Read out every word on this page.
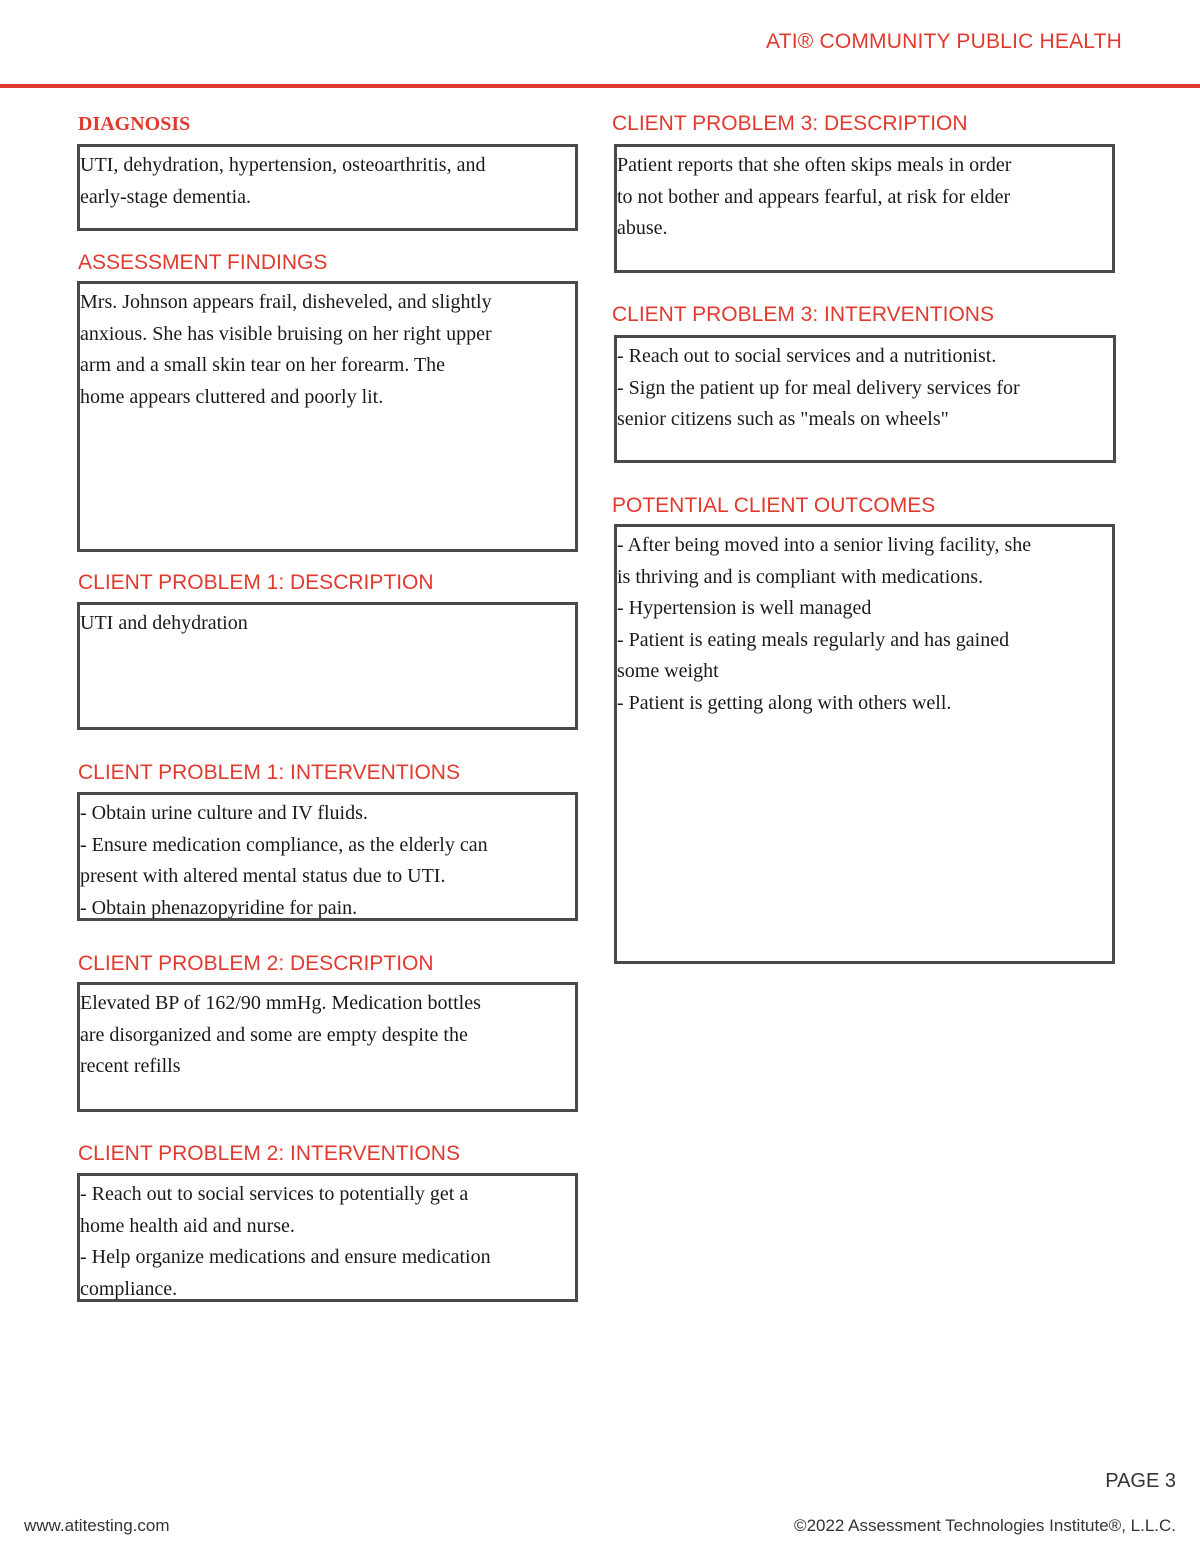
ATI® COMMUNITY PUBLIC HEALTH
DIAGNOSIS
UTI, dehydration, hypertension, osteoarthritis, and
early-stage dementia.
ASSESSMENT FINDINGS
Mrs. Johnson appears frail, disheveled, and slightly
anxious. She has visible bruising on her right upper
arm and a small skin tear on her forearm. The
home appears cluttered and poorly lit.
CLIENT PROBLEM 1: DESCRIPTION
UTI and dehydration
CLIENT PROBLEM 1: INTERVENTIONS
- Obtain urine culture and IV fluids.
- Ensure medication compliance, as the elderly can
present with altered mental status due to UTI.
- Obtain phenazopyridine for pain.
CLIENT PROBLEM 2: DESCRIPTION
Elevated BP of 162/90 mmHg. Medication bottles
are disorganized and some are empty despite the
recent refills
CLIENT PROBLEM 2: INTERVENTIONS
- Reach out to social services to potentially get a
home health aid and nurse.
- Help organize medications and ensure medication
compliance.
CLIENT PROBLEM 3: DESCRIPTION
Patient reports that she often skips meals in order
to not bother and appears fearful, at risk for elder
abuse.
CLIENT PROBLEM 3: INTERVENTIONS
- Reach out to social services and a nutritionist.
- Sign the patient up for meal delivery services for
senior citizens such as "meals on wheels"
POTENTIAL CLIENT OUTCOMES
- After being moved into a senior living facility, she
is thriving and is compliant with medications.
- Hypertension is well managed
- Patient is eating meals regularly and has gained
some weight
- Patient is getting along with others well.
PAGE 3
www.atitesting.com	©2022 Assessment Technologies Institute®, L.L.C.
